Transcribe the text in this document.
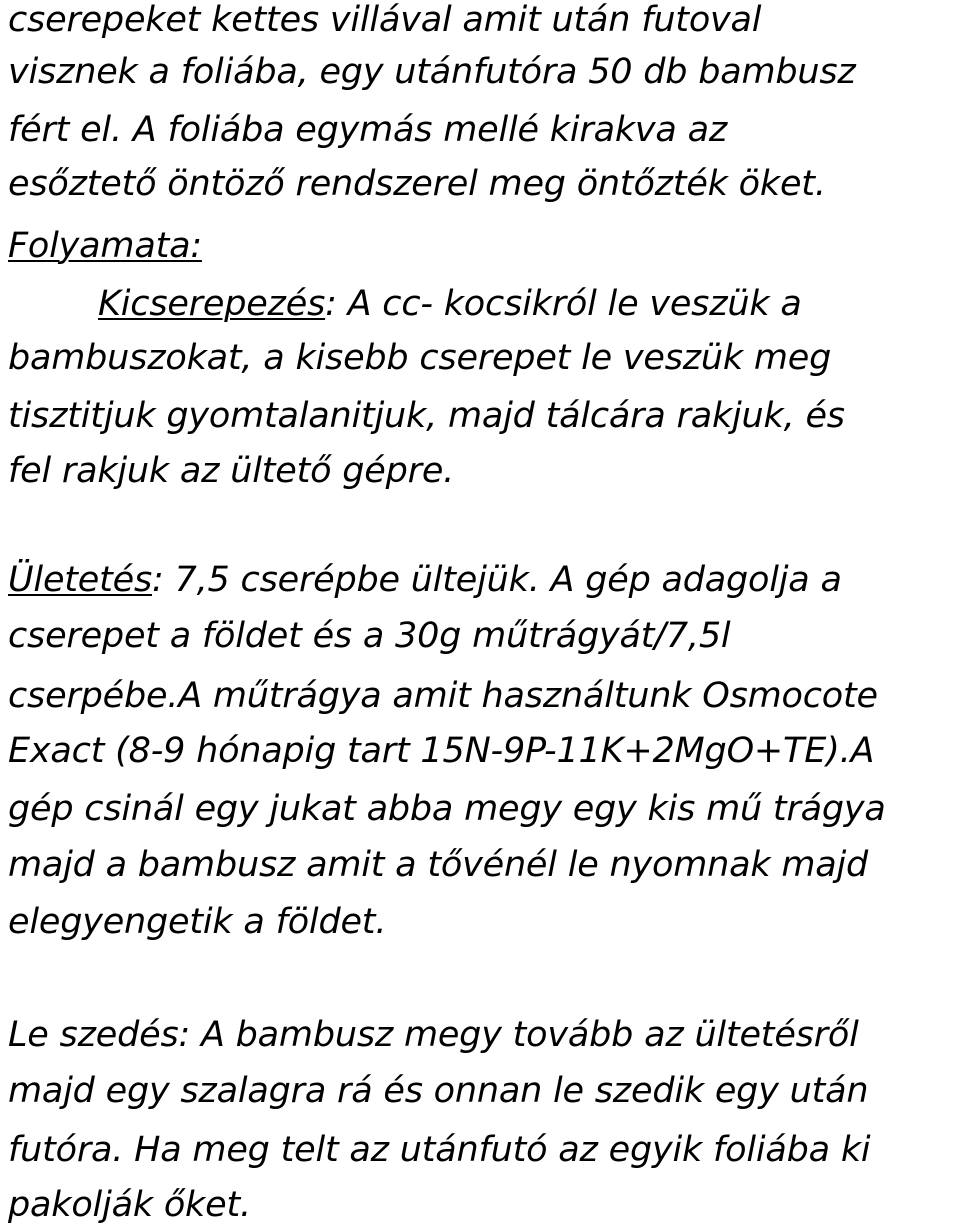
cserepeket kettes villával amit után futoval

visznek a foliába, egy utánfutóra 50 db bambusz

fért el. A foliába egymás mellé kirakva az

esőztető öntöző rendszerel meg öntőzték öket.

Folyamata:

Kicserepezés: A cc- kocsikról le veszük a

bambuszokat, a kisebb cserepet le veszük meg

tisztitjuk gyomtalanitjuk, majd tálcára rakjuk, és

fel rakjuk az ültető gépre.

Ületetés: 7,5 cserépbe ültejük. A gép adagolja a

cserepet a földet és a 30g műtrágyát/7,5l

cserpébe.A műtrágya amit használtunk Osmocote

Exact (8-9 hónapig tart 15N-9P-11K+2MgO+TE).A

gép csinál egy jukat abba megy egy kis mű trágya

majd a bambusz amit a tővénél le nyomnak majd

elegyengetik a földet.

Le szedés: A bambusz megy tovább az ültetésről

majd egy szalagra rá és onnan le szedik egy után

futóra. Ha meg telt az utánfutó az egyik foliába ki

pakolják őket.
